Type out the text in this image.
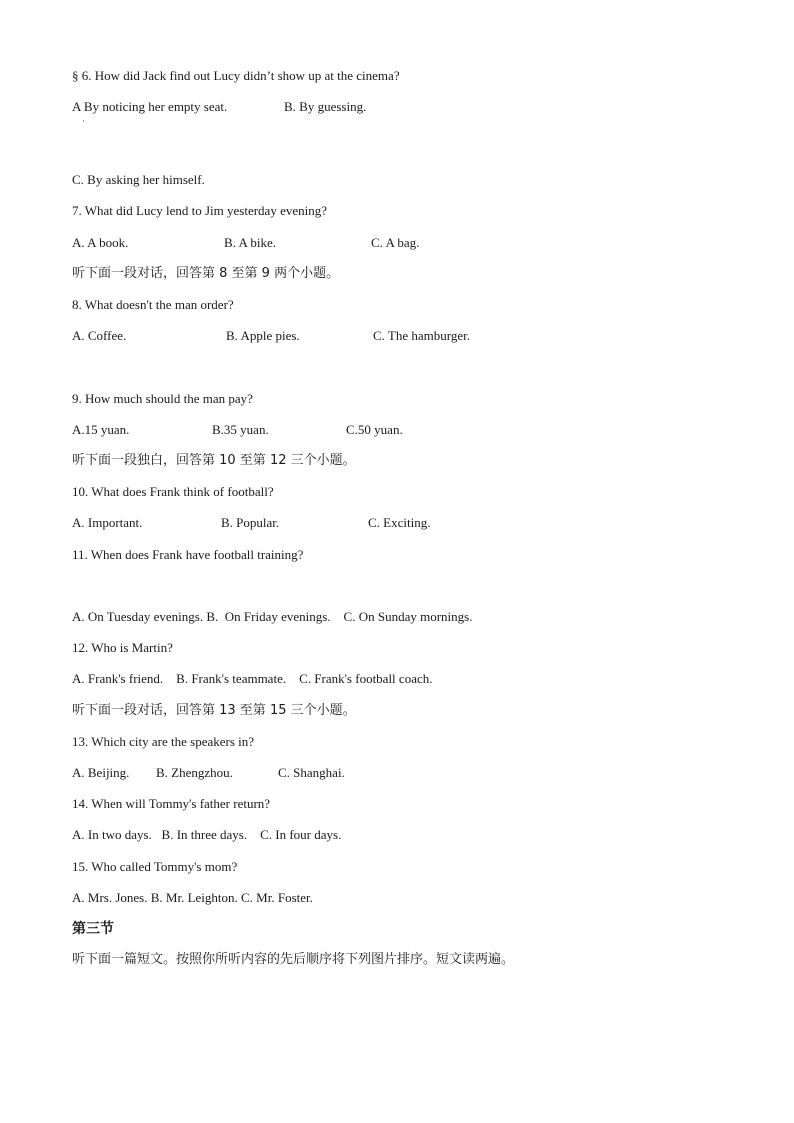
§ 6. How did Jack find out Lucy didn’t show up at the cinema?

A By noticing her empty seat.	B. By guessing.
·

C. By asking her himself.

7. What did Lucy lend to Jim yesterday evening?

A. A book.	B. A bike.	C. A bag.

听下面一段对话，回答第 8 至第 9 两个小题。

8. What doesn't the man order?

A. Coffee.	B. Apple pies.	C. The hamburger.

9. How much should the man pay?

A.15 yuan.	B.35 yuan.	C.50 yuan.

听下面一段独白，回答第 10 至第 12 三个小题。

10. What does Frank think of football?

A. Important.	B. Popular.	C. Exciting.

11. When does Frank have football training?

A. On Tuesday evenings. B.  On Friday evenings.    C. On Sunday mornings.

12. Who is Martin?

A. Frank's friend.    B. Frank's teammate.    C. Frank's football coach.

听下面一段对话，回答第 13 至第 15 三个小题。

13. Which city are the speakers in?

A. Beijing. B. Zhengzhou.	C. Shanghai.

14. When will Tommy's father return?

A. In two days.   B. In three days.    C. In four days.

15. Who called Tommy's mom?

A. Mrs. Jones. B. Mr. Leighton. C. Mr. Foster.

第三节

听下面一篇短文。按照你所听内容的先后顺序将下列图片排序。短文读两遍。
